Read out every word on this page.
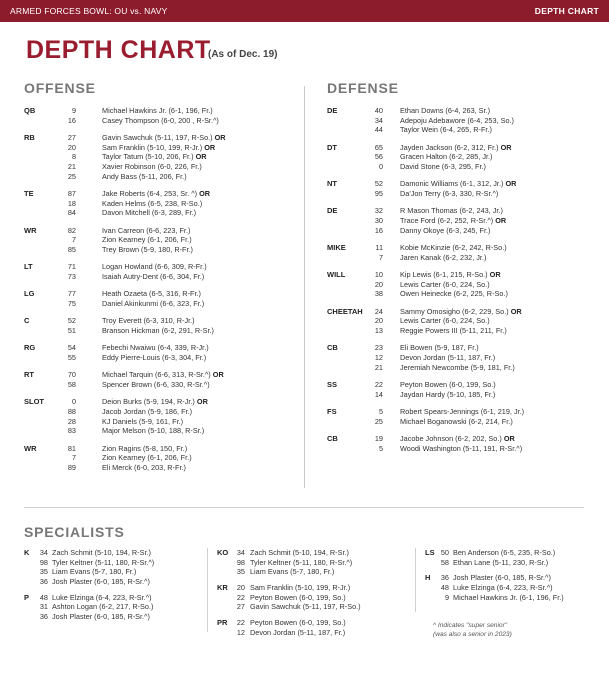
ARMED FORCES BOWL: OU vs. NAVY	DEPTH CHART
DEPTH CHART
(As of Dec. 19)
OFFENSE	DEFENSE
QB	9	Michael Hawkins Jr. (6-1, 196, Fr.)
16	Casey Thompson (6-0, 200 , R-Sr.^)
RB	27	Gavin Sawchuk (5-11, 197, R-So.) OR
20	Sam Franklin (5-10, 199, R-Jr.) OR
8	Taylor Tatum (5-10, 206, Fr.) OR
21	Xavier Robinson (6-0, 226, Fr.)
25	Andy Bass (5-11, 206, Fr.)
TE	87	Jake Roberts (6-4, 253, Sr. ^) OR
18	Kaden Helms (6-5, 238, R-So.)
84	Davon Mitchell (6-3, 289, Fr.)
WR	82	Ivan Carreon (6-6, 223, Fr.)
7	Zion Kearney (6-1, 206, Fr.)
85	Trey Brown (5-9, 180, R-Fr.)
LT	71	Logan Howland (6-6, 309, R-Fr.)
73	Isaiah Autry-Dent (6-6, 304, Fr.)
LG	77	Heath Ozaeta (6-5, 316, R-Fr.)
75	Daniel Akinkunmi (6-6, 323, Fr.)
C	52	Troy Everett (6-3, 310, R-Jr.)
51	Branson Hickman (6-2, 291, R-Sr.)
RG	54	Febechi Nwaiwu (6-4, 339, R-Jr.)
55	Eddy Pierre-Louis (6-3, 304, Fr.)
RT	70	Michael Tarquin (6-6, 313, R-Sr.^) OR
58	Spencer Brown (6-6, 330, R-Sr.^)
SLOT	0	Deion Burks (5-9, 194, R-Jr.) OR
88	Jacob Jordan (5-9, 186, Fr.)
28	KJ Daniels (5-9, 161, Fr.)
83	Major Melson (5-10, 188, R-Sr.)
WR	81	Zion Ragins (5-8, 150, Fr.)
7	Zion Kearney (6-1, 206, Fr.)
89	Eli Merck (6-0, 203, R-Fr.)
DE	40 Ethan Downs (6-4, 263, Sr.)
34 Adepoju Adebawore (6-4, 253, So.)
44 Taylor Wein (6-4, 265, R-Fr.)
DT	65 Jayden Jackson (6-2, 312, Fr.) OR
56 Gracen Halton (6-2, 285, Jr.)
0 David Stone (6-3, 295, Fr.)
NT	52 Damonic Williams (6-1, 312, Jr.) OR
95 Da'Jon Terry (6-3, 330, R-Sr.^)
DE	32 R Mason Thomas (6-2, 243, Jr.)
30 Trace Ford (6-2, 252, R-Sr.^) OR
16 Danny Okoye (6-3, 245, Fr.)
MIKE	11 Kobie McKinzie (6-2, 242, R-So.)
7 Jaren Kanak (6-2, 232, Jr.)
WILL	10 Kip Lewis (6-1, 215, R-So.) OR
20 Lewis Carter (6-0, 224, So.)
38 Owen Heinecke (6-2, 225, R-So.)
CHEETAH	24 Sammy Omosigho (6-2, 229, So.) OR
20 Lewis Carter (6-0, 224, So.)
13 Reggie Powers III (5-11, 211, Fr.)
CB	23 Eli Bowen (5-9, 187, Fr.)
12 Devon Jordan (5-11, 187, Fr.)
21 Jeremiah Newcombe (5-9, 181, Fr.)
SS	22 Peyton Bowen (6-0, 199, So.)
14 Jaydan Hardy (5-10, 185, Fr.)
FS	5 Robert Spears-Jennings (6-1, 219, Jr.)
25 Michael Boganowski (6-2, 214, Fr.)
CB	19 Jacobe Johnson (6-2, 202, So.) OR
5 Woodi Washington (5-11, 191, R-Sr.^)
SPECIALISTS
K	34 Zach Schmit (5-10, 194, R-Sr.)
98 Tyler Keltner (5-11, 180, R-Sr.^)
35 Liam Evans (5-7, 180, Fr.)
36 Josh Plaster (6-0, 185, R-Sr.^)
P	48 Luke Elzinga (6-4, 223, R-Sr.^)
31 Ashton Logan (6-2, 217, R-So.)
36 Josh Plaster (6-0, 185, R-Sr.^)
KO	34 Zach Schmit (5-10, 194, R-Sr.)
98 Tyler Keltner (5-11, 180, R-Sr.^)
35 Liam Evans (5-7, 180, Fr.)
KR	20 Sam Franklin (5-10, 199, R-Jr.)
22 Peyton Bowen (6-0, 199, So.)
27 Gavin Sawchuk (5-11, 197, R-So.)
PR	22 Peyton Bowen (6-0, 199, So.)
12 Devon Jordan (5-11, 187, Fr.)
LS 50 Ben Anderson (6-5, 235, R-So.)
58 Ethan Lane (5-11, 230, R-Sr.)
H	36 Josh Plaster (6-0, 185, R-Sr.^)
48 Luke Elzinga (6-4, 223, R-Sr.^)
9 Michael Hawkins Jr. (6-1, 196, Fr.)
^ Indicates "super senior"
(was also a senior in 2023)
